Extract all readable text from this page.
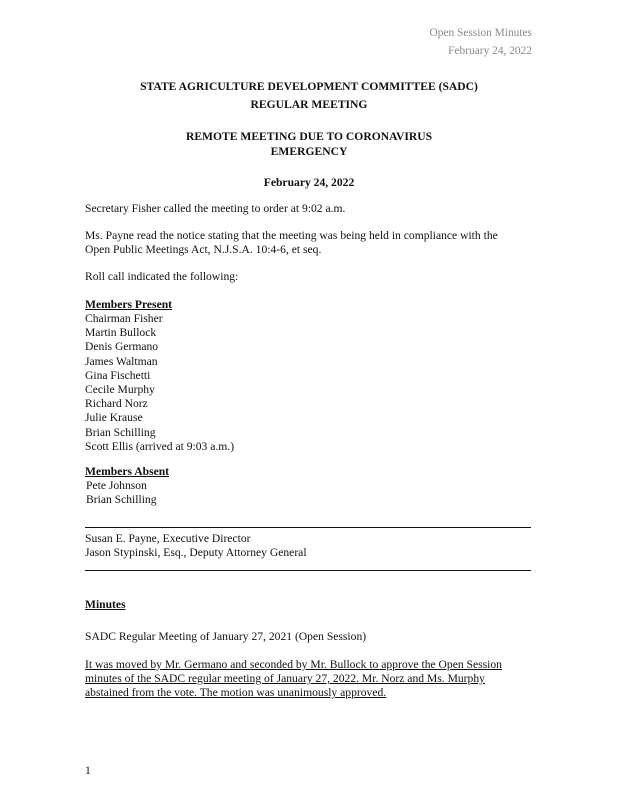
Open Session Minutes
February 24, 2022
STATE AGRICULTURE DEVELOPMENT COMMITTEE (SADC)
REGULAR MEETING
REMOTE MEETING DUE TO CORONAVIRUS
EMERGENCY
February 24, 2022
Secretary Fisher called the meeting to order at 9:02 a.m.
Ms. Payne read the notice stating that the meeting was being held in compliance with the
Open Public Meetings Act, N.J.S.A. 10:4-6, et seq.
Roll call indicated the following:
Members Present
Chairman Fisher
Martin Bullock
Denis Germano
James Waltman
Gina Fischetti
Cecile Murphy
Richard Norz
Julie Krause
Brian Schilling
Scott Ellis (arrived at 9:03 a.m.)
Members Absent
Pete Johnson
Brian Schilling
Susan E. Payne, Executive Director
Jason Stypinski, Esq., Deputy Attorney General
Minutes
SADC Regular Meeting of January 27, 2021 (Open Session)
It was moved by Mr. Germano and seconded by Mr. Bullock to approve the Open Session
minutes of the SADC regular meeting of January 27, 2022. Mr. Norz and Ms. Murphy
abstained from the vote. The motion was unanimously approved.
1
